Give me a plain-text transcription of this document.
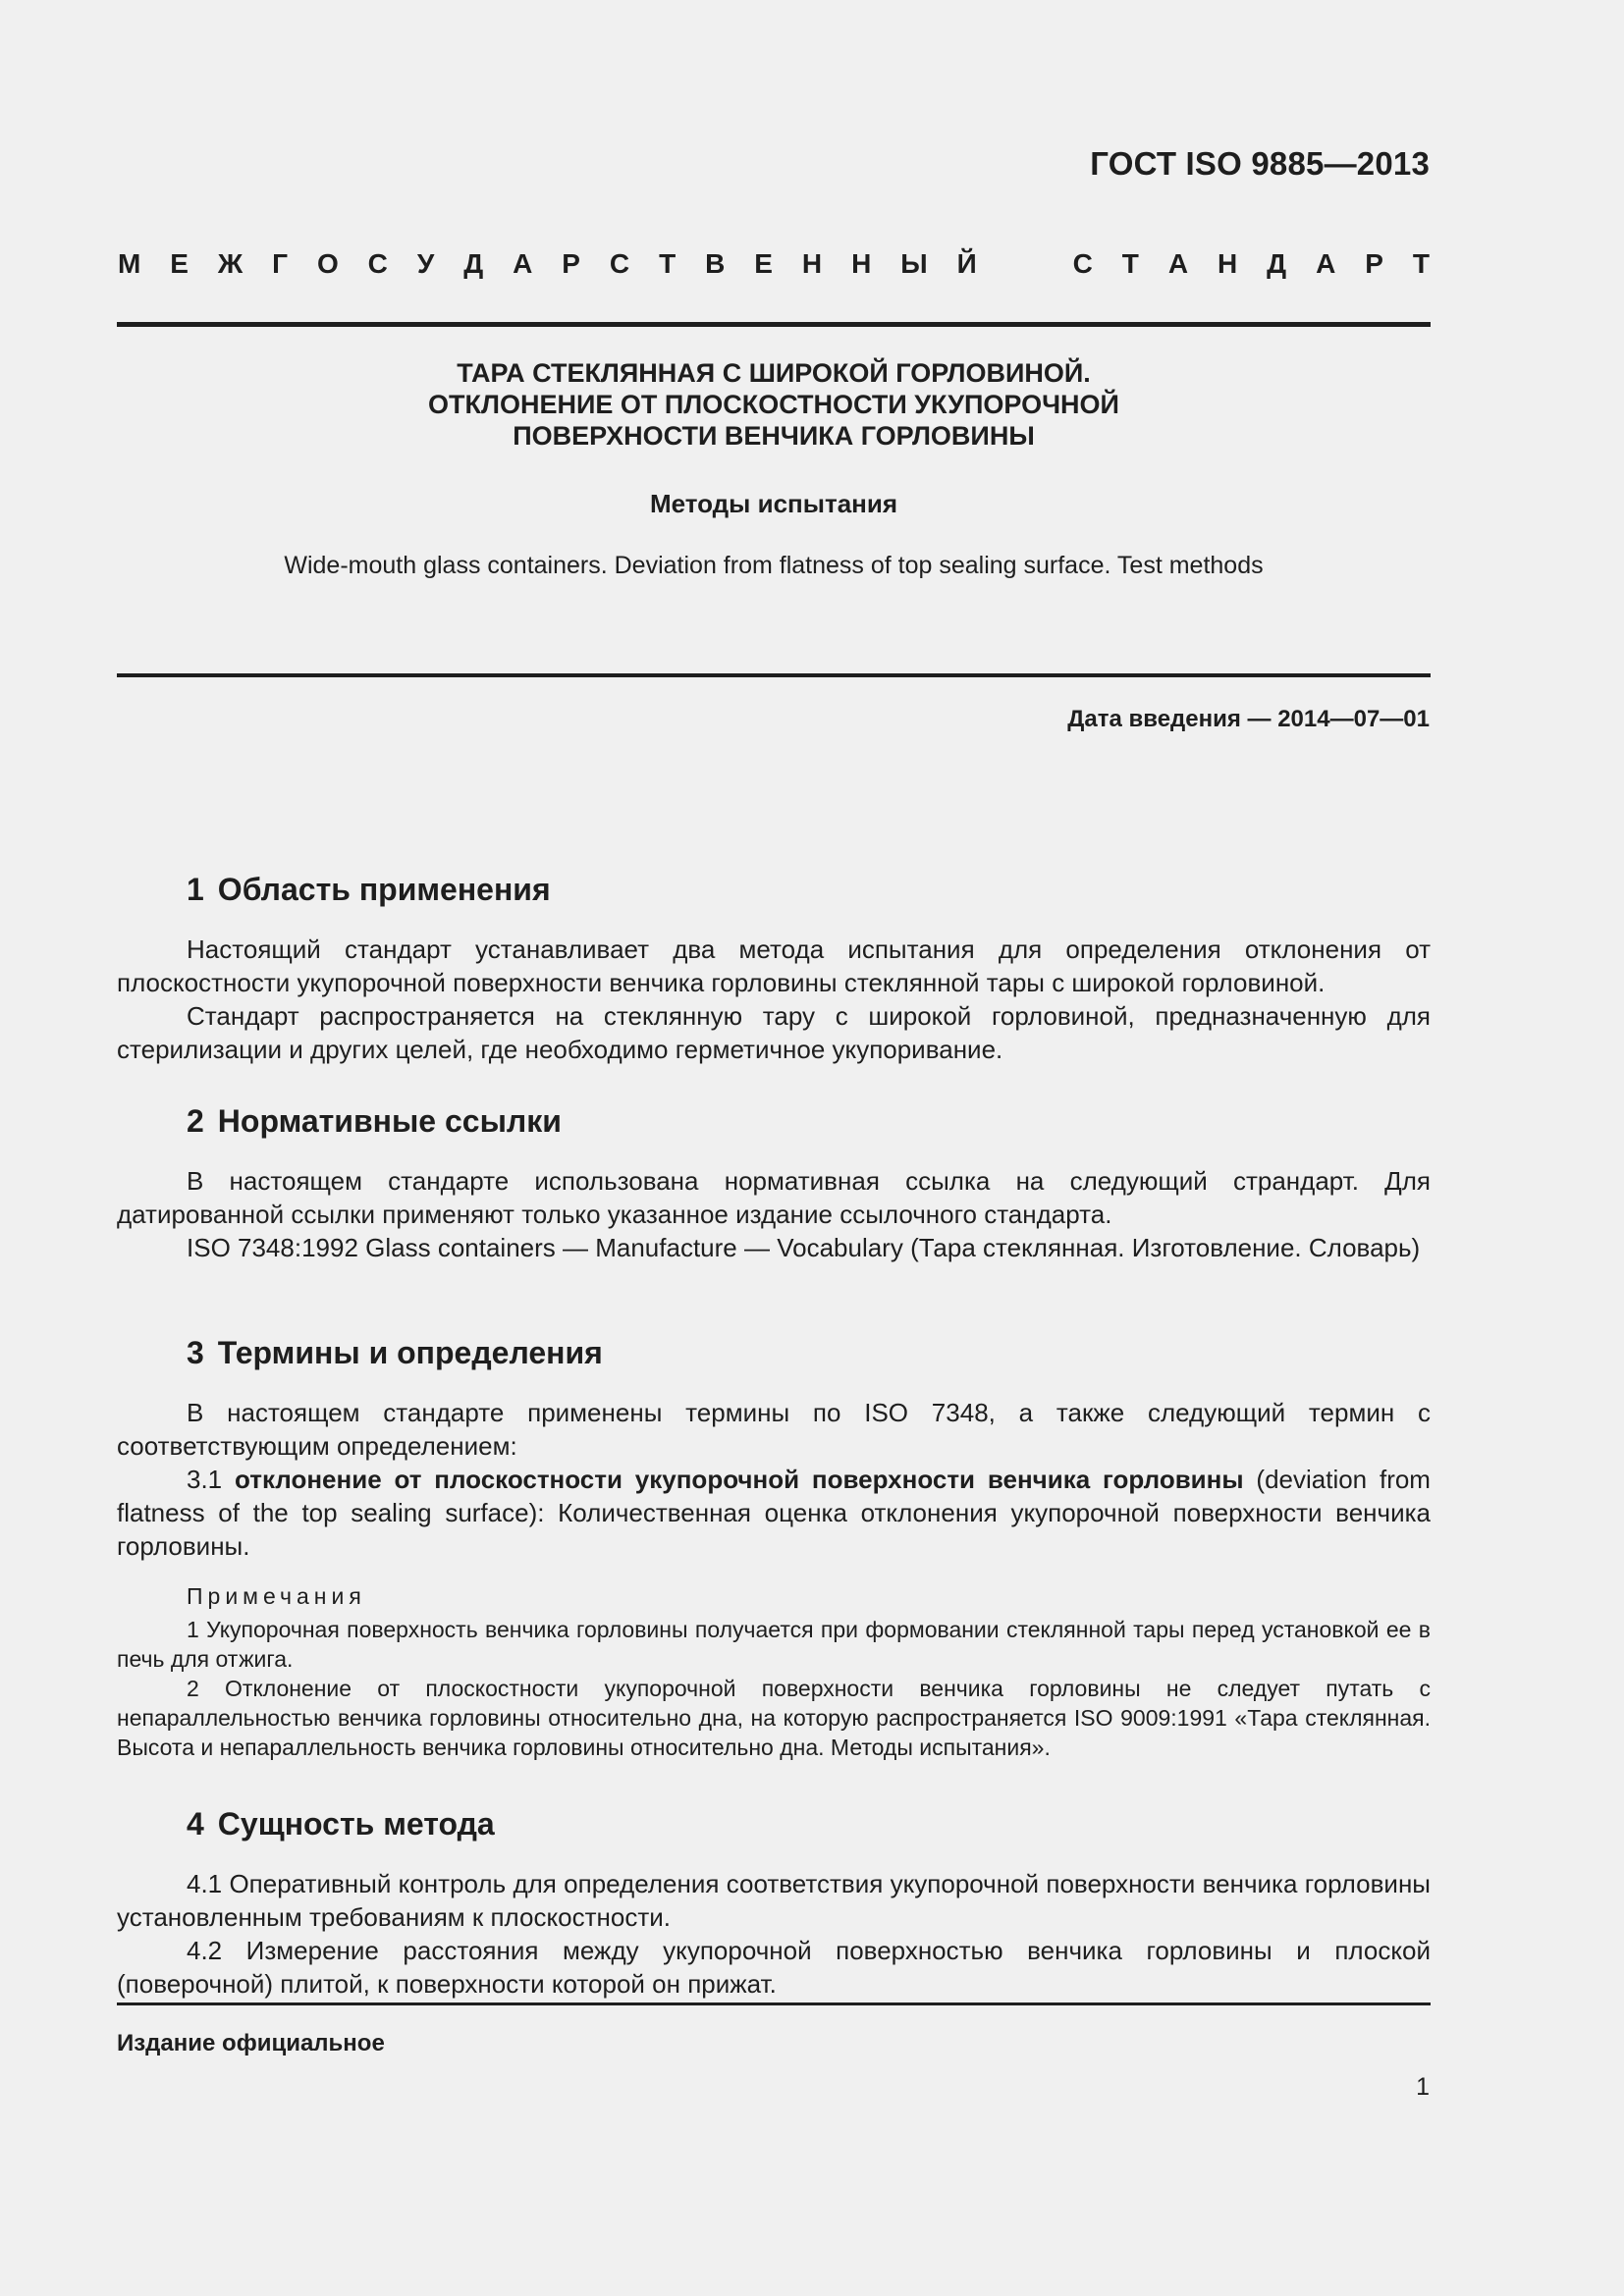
ГОСТ ISO 9885—2013
М Е Ж Г О С У Д А Р С Т В Е Н Н Ы Й	С Т А Н Д А Р Т
ТАРА СТЕКЛЯННАЯ С ШИРОКОЙ ГОРЛОВИНОЙ.
ОТКЛОНЕНИЕ ОТ ПЛОСКОСТНОСТИ УКУПОРОЧНОЙ
ПОВЕРХНОСТИ ВЕНЧИКА ГОРЛОВИНЫ
Методы испытания
Wide-mouth glass containers. Deviation from flatness of top sealing surface. Test methods
Дата введения — 2014—07—01
1 Область применения
Настоящий стандарт устанавливает два метода испытания для определения отклонения от плоскостности укупорочной поверхности венчика горловины стеклянной тары с широкой горловиной.
Стандарт распространяется на стеклянную тару с широкой горловиной, предназначенную для стерилизации и других целей, где необходимо герметичное укупоривание.
2 Нормативные ссылки
В настоящем стандарте использована нормативная ссылка на следующий страндарт. Для датированной ссылки применяют только указанное издание ссылочного стандарта.
ISO 7348:1992 Glass containers — Manufacture — Vocabulary (Тара стеклянная. Изготовление. Словарь)
3 Термины и определения
В настоящем стандарте применены термины по ISO 7348, а также следующий термин с соответствующим определением:
3.1 отклонение от плоскостности укупорочной поверхности венчика горловины (deviation from flatness of the top sealing surface): Количественная оценка отклонения укупорочной поверхности венчика горловины.
Примечания
1 Укупорочная поверхность венчика горловины получается при формовании стеклянной тары перед установкой ее в печь для отжига.
2 Отклонение от плоскостности укупорочной поверхности венчика горловины не следует путать с непараллельностью венчика горловины относительно дна, на которую распространяется ISO 9009:1991 «Тара стеклянная. Высота и непараллельность венчика горловины относительно дна. Методы испытания».
4 Сущность метода
4.1 Оперативный контроль для определения соответствия укупорочной поверхности венчика горловины установленным требованиям к плоскостности.
4.2 Измерение расстояния между укупорочной поверхностью венчика горловины и плоской (поверочной) плитой, к поверхности которой он прижат.
Издание официальное
1
